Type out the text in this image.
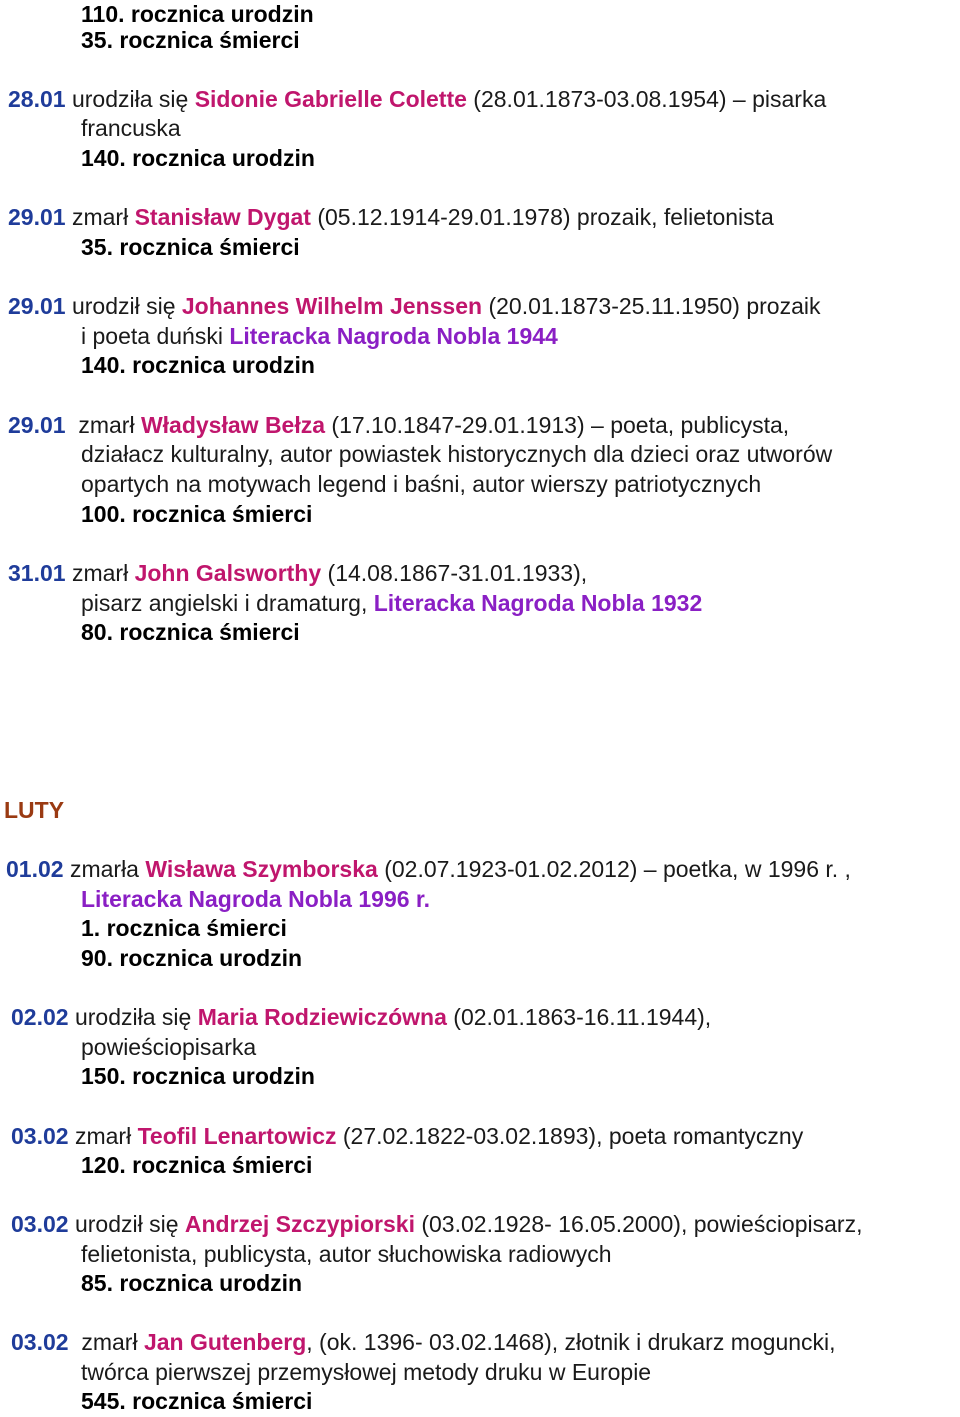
110. rocznica urodzin
35. rocznica śmierci
28.01 urodziła się Sidonie Gabrielle Colette (28.01.1873-03.08.1954) – pisarka
francuska
140. rocznica urodzin
29.01 zmarł Stanisław Dygat (05.12.1914-29.01.1978) prozaik, felietonista
35. rocznica śmierci
29.01 urodził się Johannes Wilhelm Jenssen (20.01.1873-25.11.1950) prozaik
i poeta duński Literacka Nagroda Nobla 1944
140. rocznica urodzin
29.01  zmarł Władysław Bełza (17.10.1847-29.01.1913) – poeta, publicysta,
działacz kulturalny, autor powiastek historycznych dla dzieci oraz utworów
opartych na motywach legend i baśni, autor wierszy patriotycznych
100. rocznica śmierci
31.01 zmarł John Galsworthy (14.08.1867-31.01.1933),
pisarz angielski i dramaturg, Literacka Nagroda Nobla 1932
80. rocznica śmierci
LUTY
01.02 zmarła Wisława Szymborska (02.07.1923-01.02.2012) – poetka, w 1996 r. ,
Literacka Nagroda Nobla 1996 r.
1. rocznica śmierci
90. rocznica urodzin
02.02 urodziła się Maria Rodziewiczówna (02.01.1863-16.11.1944),
powieściopisarka
150. rocznica urodzin
03.02 zmarł Teofil Lenartowicz (27.02.1822-03.02.1893), poeta romantyczny
120. rocznica śmierci
03.02 urodził się Andrzej Szczypiorski (03.02.1928- 16.05.2000), powieściopisarz,
felietonista, publicysta, autor słuchowiska radiowych
85. rocznica urodzin
03.02  zmarł Jan Gutenberg, (ok. 1396- 03.02.1468), złotnik i drukarz moguncki,
twórca pierwszej przemysłowej metody druku w Europie
545. rocznica śmierci
